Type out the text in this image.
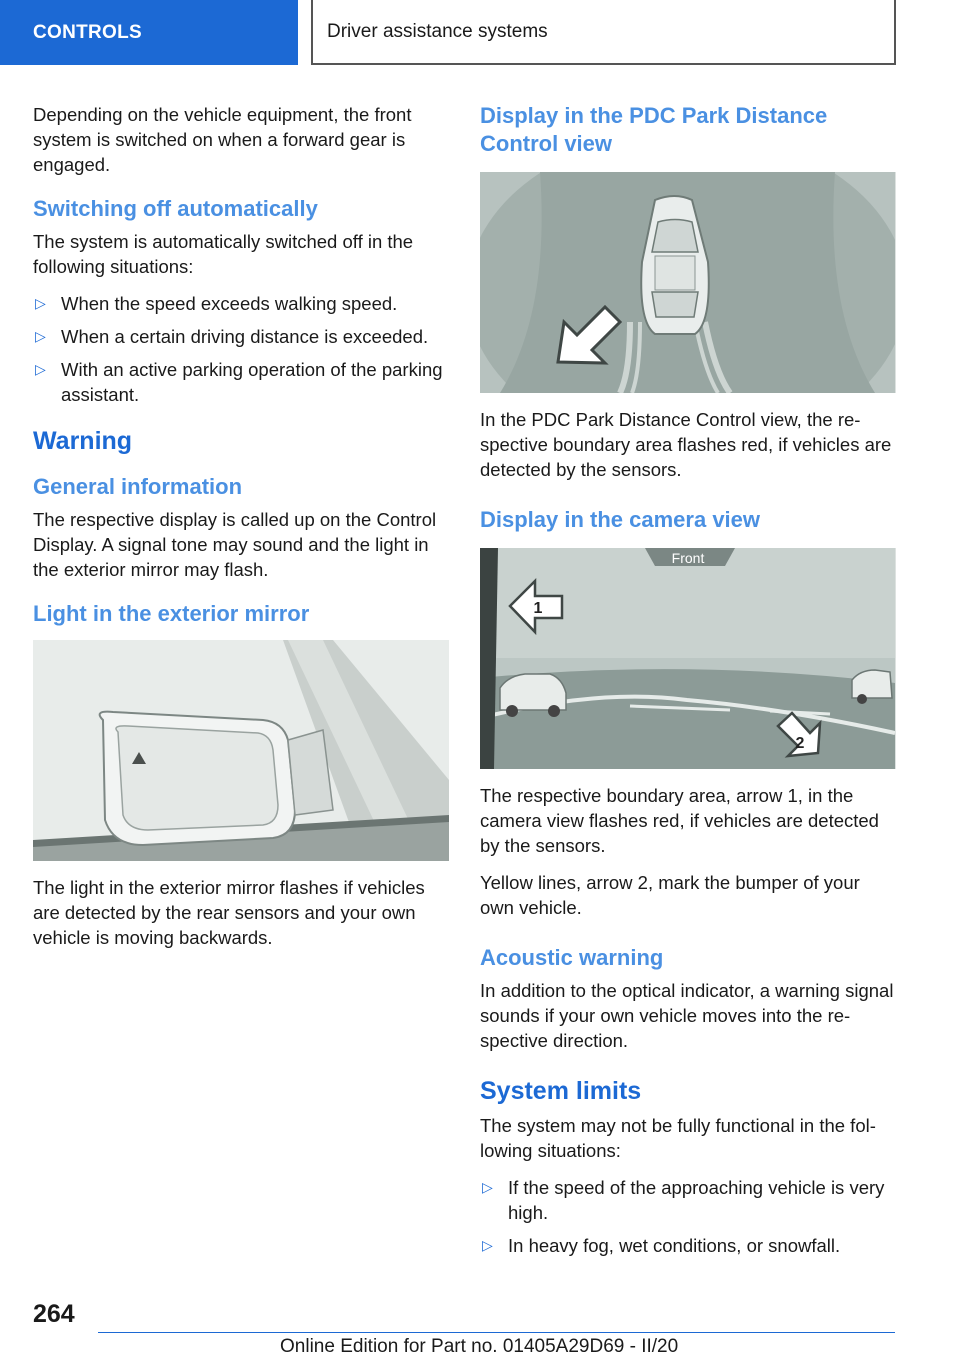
CONTROLS	Driver assistance systems

Depending on the vehicle equipment, the front system is switched on when a forward gear is engaged.

Switching off automatically

The system is automatically switched off in the following situations:

▷ When the speed exceeds walking speed.
▷ When a certain driving distance is exceeded.
▷ With an active parking operation of the parking assistant.
Warning
General information

The respective display is called up on the Control Display. A signal tone may sound and the light in the exterior mirror may flash.

Light in the exterior mirror

The light in the exterior mirror flashes if vehicles are detected by the rear sensors and your own vehicle is moving backwards.

Display in the PDC Park Distance Control view

In the PDC Park Distance Control view, the respective boundary area flashes red, if vehicles are detected by the sensors.

Display in the camera view
Front
1
2

The respective boundary area, arrow 1, in the camera view flashes red, if vehicles are detected by the sensors.

Yellow lines, arrow 2, mark the bumper of your own vehicle.

Acoustic warning

In addition to the optical indicator, a warning signal sounds if your own vehicle moves into the respective direction.

System limits

The system may not be fully functional in the following situations:

▷ If the speed of the approaching vehicle is very high.
▷ In heavy fog, wet conditions, or snowfall.
264
Online Edition for Part no. 01405A29D69 - II/20
